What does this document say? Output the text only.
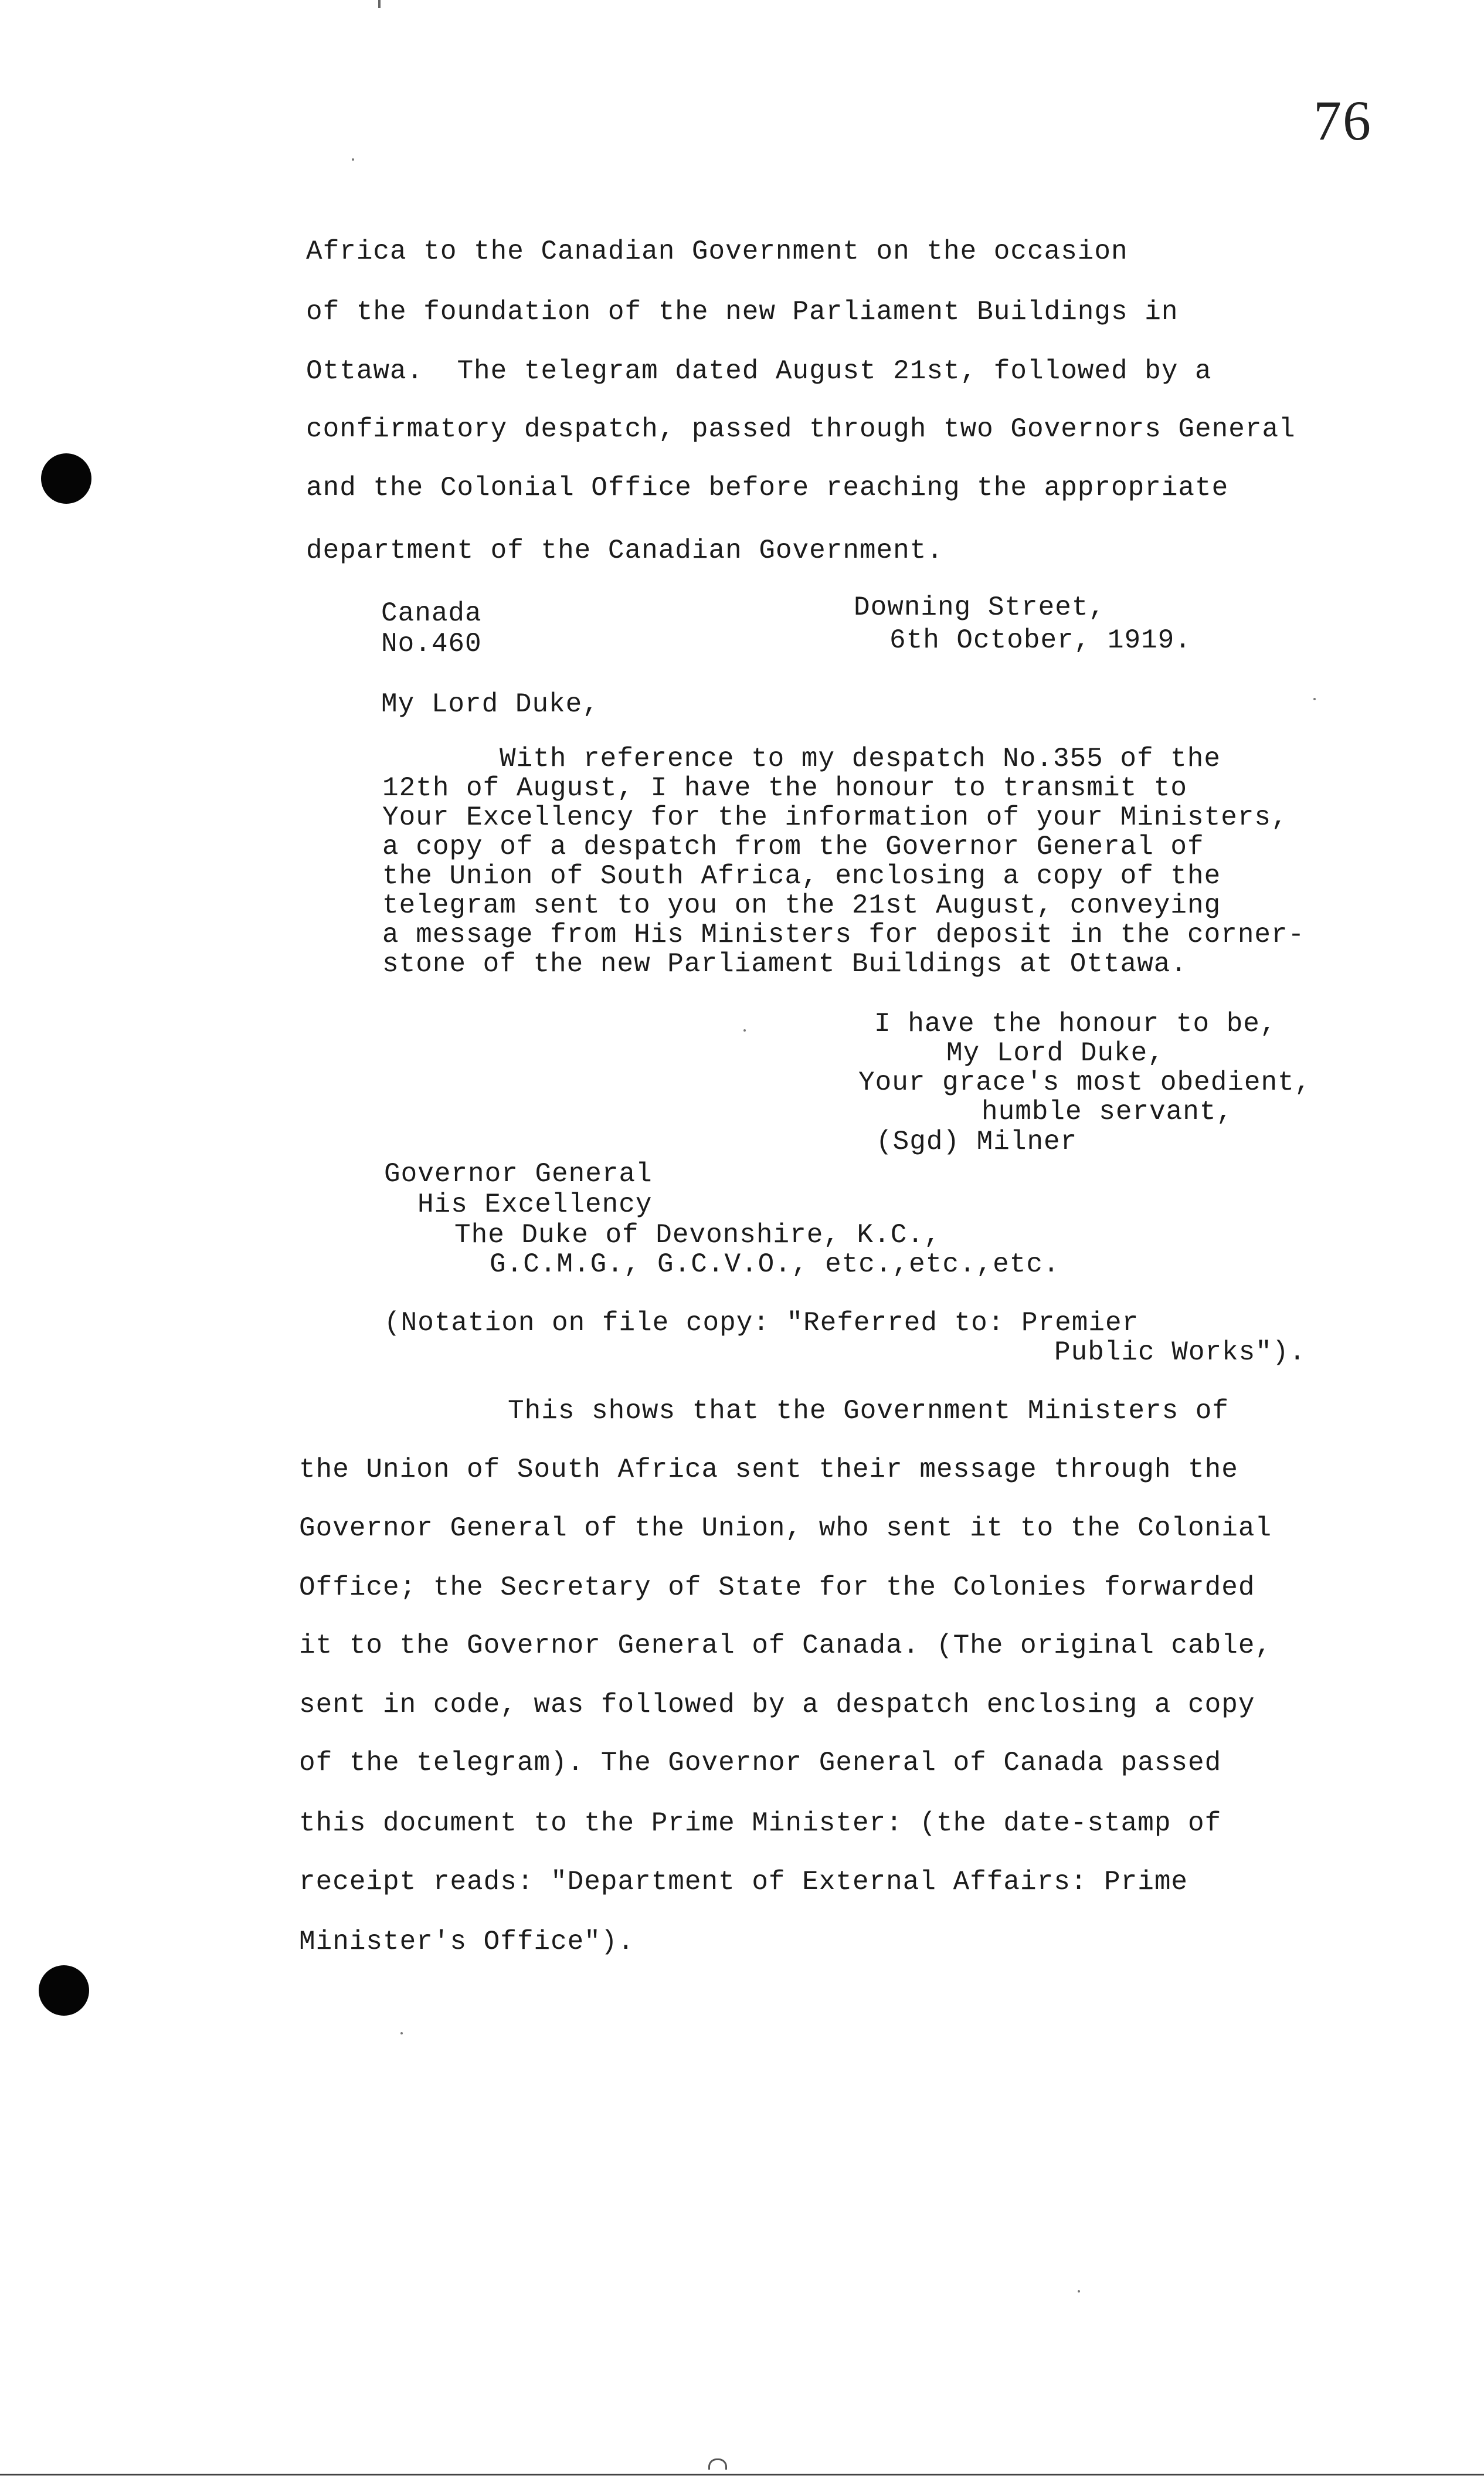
76
Africa to the Canadian Government on the occasion
of the foundation of the new Parliament Buildings in
Ottawa.  The telegram dated August 21st, followed by a
confirmatory despatch, passed through two Governors General
and the Colonial Office before reaching the appropriate
department of the Canadian Government.
Canada
No.460
Downing Street,
6th October, 1919.
My Lord Duke,
With reference to my despatch No.355 of the
12th of August, I have the honour to transmit to
Your Excellency for the information of your Ministers,
a copy of a despatch from the Governor General of
the Union of South Africa, enclosing a copy of the
telegram sent to you on the 21st August, conveying
a message from His Ministers for deposit in the corner-
stone of the new Parliament Buildings at Ottawa.
I have the honour to be,
My Lord Duke,
Your grace's most obedient,
humble servant,
(Sgd) Milner
Governor General
His Excellency
The Duke of Devonshire, K.C.,
G.C.M.G., G.C.V.O., etc.,etc.,etc.
(Notation on file copy: "Referred to: Premier
Public Works").
This shows that the Government Ministers of
the Union of South Africa sent their message through the
Governor General of the Union, who sent it to the Colonial
Office; the Secretary of State for the Colonies forwarded
it to the Governor General of Canada. (The original cable,
sent in code, was followed by a despatch enclosing a copy
of the telegram). The Governor General of Canada passed
this document to the Prime Minister: (the date-stamp of
receipt reads: "Department of External Affairs: Prime
Minister's Office").
